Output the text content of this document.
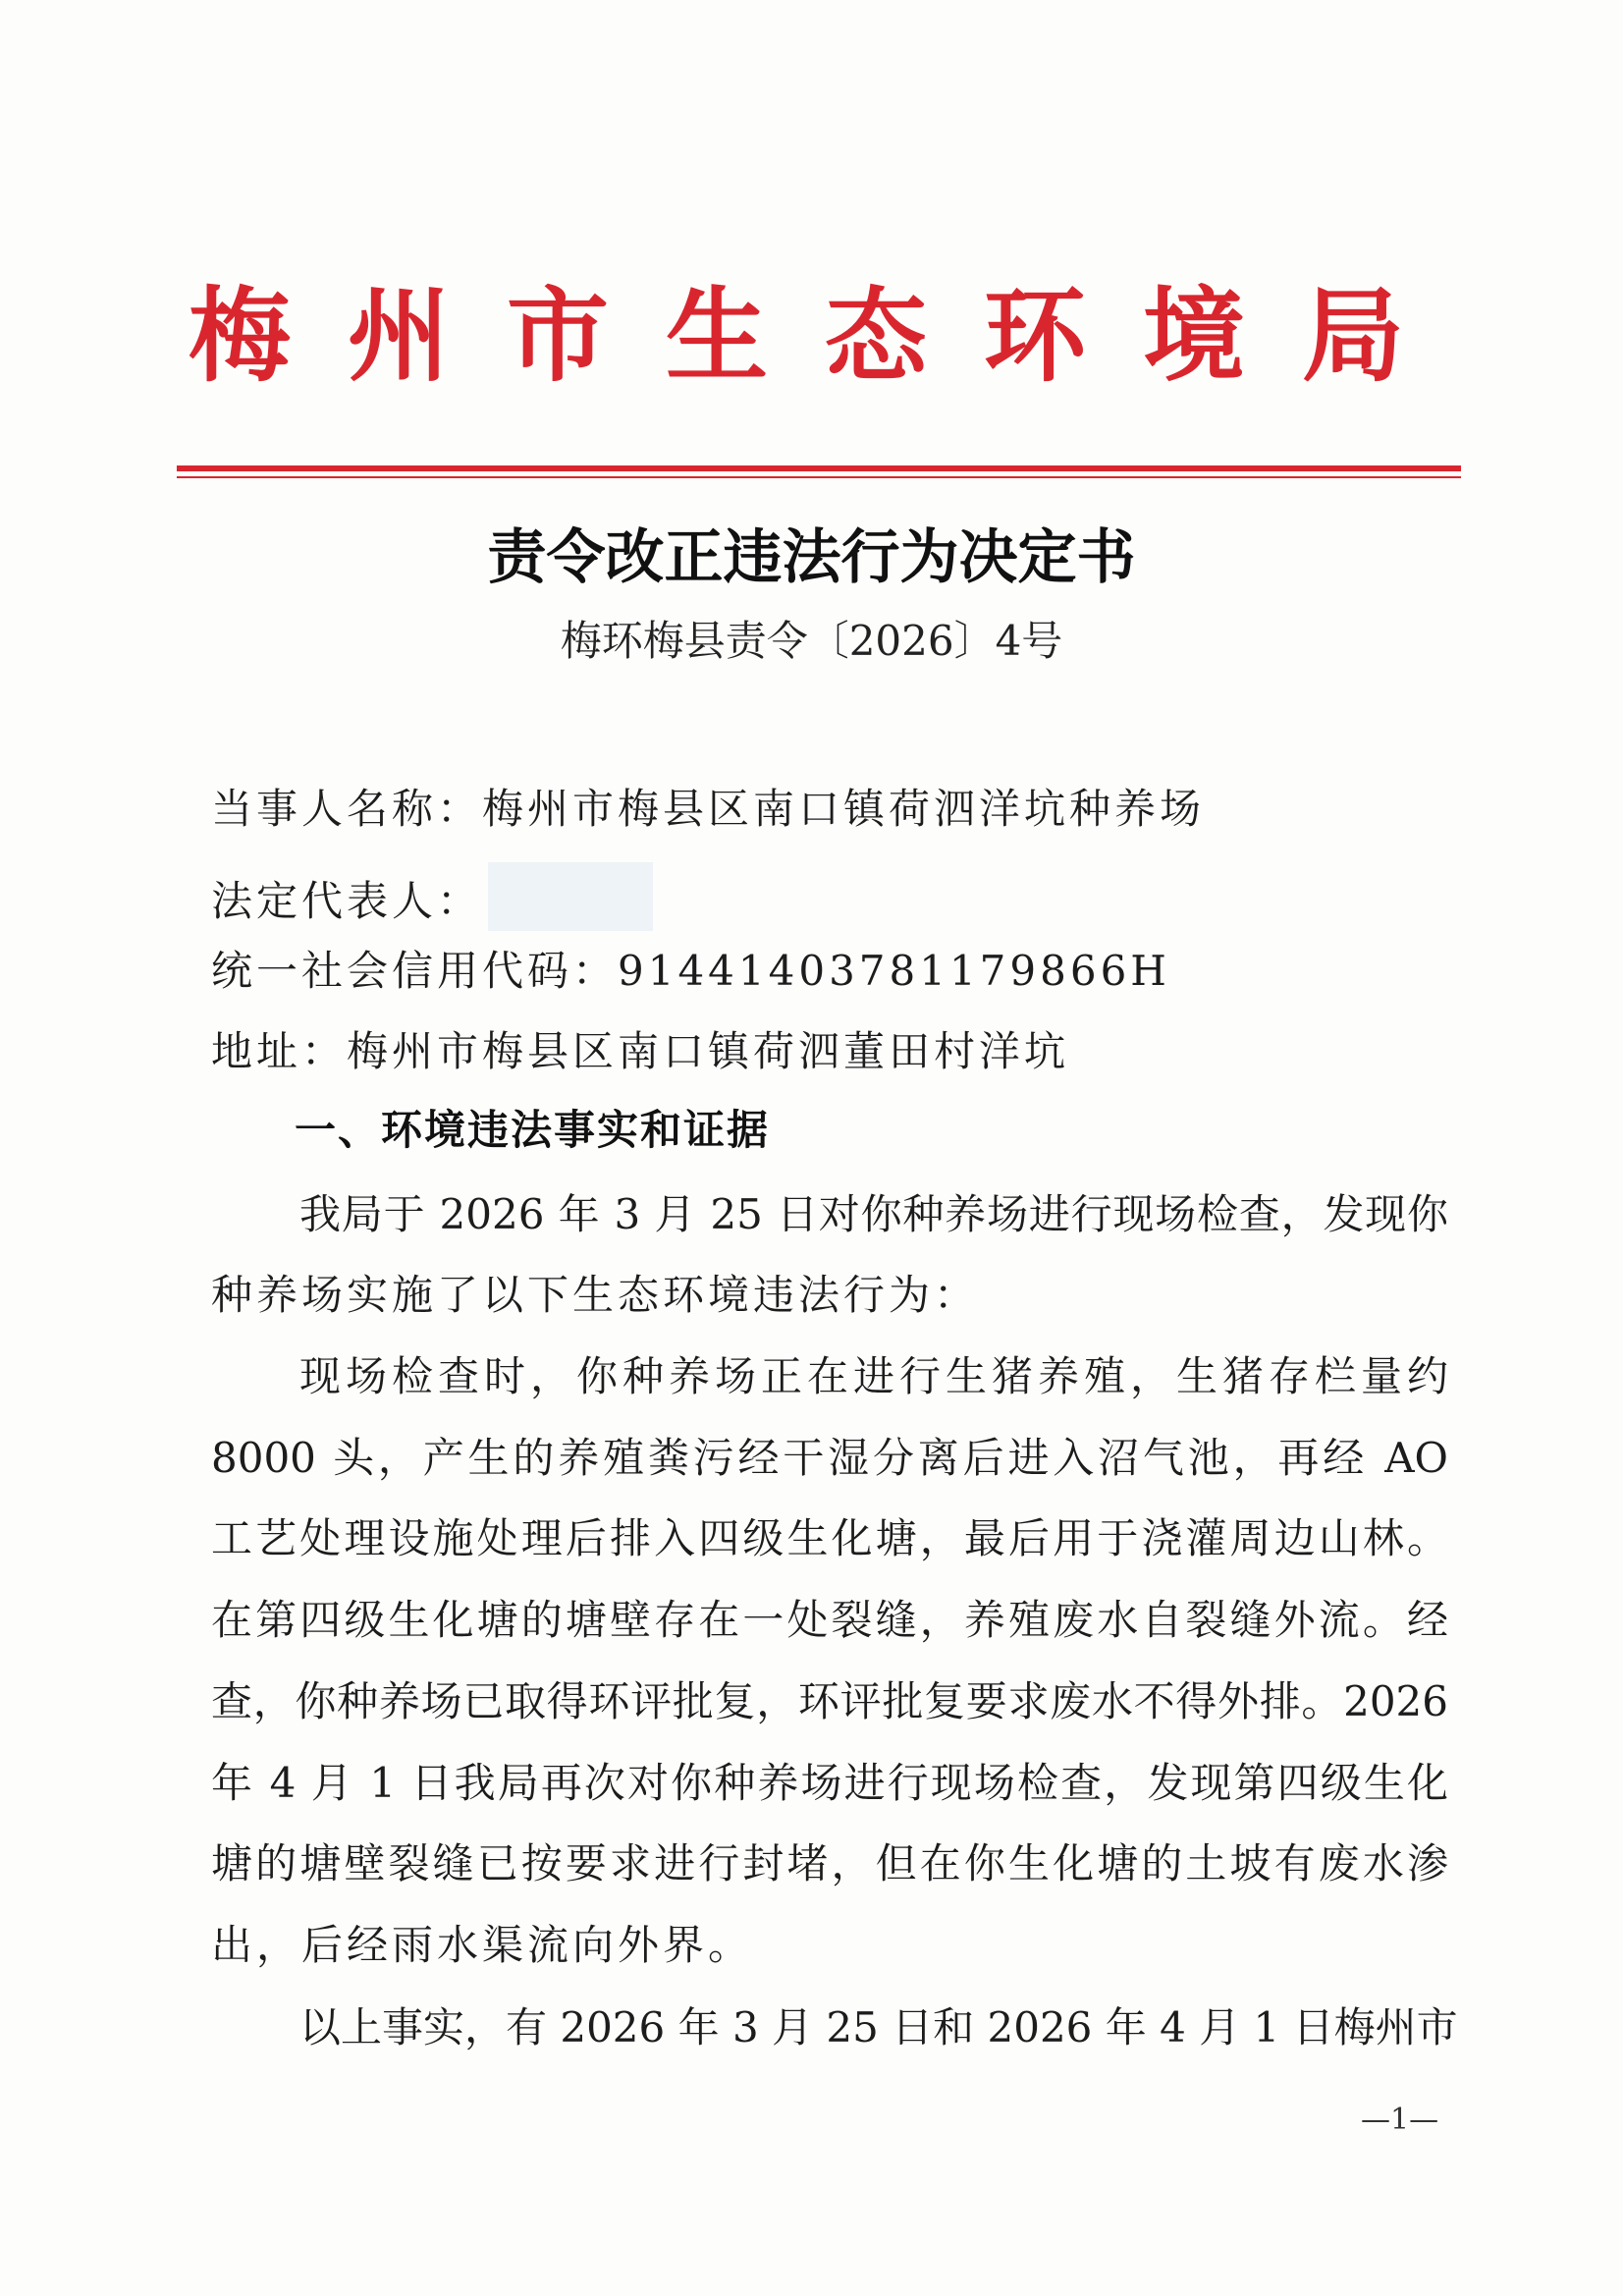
梅州市生态环境局
责令改正违法行为决定书
梅环梅县责令〔2026〕4号
当事人名称：梅州市梅县区南口镇荷泗洋坑种养场
法定代表人：
统一社会信用代码：91441403781179866H
地址：梅州市梅县区南口镇荷泗董田村洋坑
一、环境违法事实和证据
我局于 2026 年 3 月 25 日对你种养场进行现场检查，发现你
种养场实施了以下生态环境违法行为：
现场检查时，你种养场正在进行生猪养殖，生猪存栏量约
8000 头，产生的养殖粪污经干湿分离后进入沼气池，再经 AO
工艺处理设施处理后排入四级生化塘，最后用于浇灌周边山林。
在第四级生化塘的塘壁存在一处裂缝，养殖废水自裂缝外流。经
查，你种养场已取得环评批复，环评批复要求废水不得外排。2026
年 4 月 1 日我局再次对你种养场进行现场检查，发现第四级生化
塘的塘壁裂缝已按要求进行封堵，但在你生化塘的土坡有废水渗
出，后经雨水渠流向外界。
以上事实，有 2026 年 3 月 25 日和 2026 年 4 月 1 日梅州市
—1—
